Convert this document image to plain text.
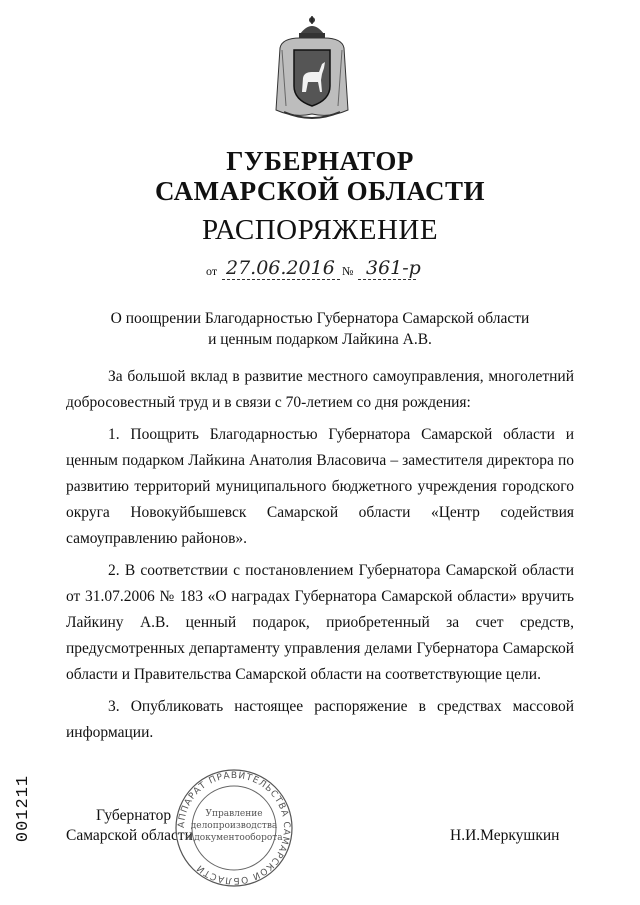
ГУБЕРНАТОР
САМАРСКОЙ ОБЛАСТИ
РАСПОРЯЖЕНИЕ
от 27.06.2016 № 361-р
О поощрении Благодарностью Губернатора Самарской области
и ценным подарком Лайкина А.В.

За большой вклад в развитие местного самоуправления, многолетний добросовестный труд и в связи с 70-летием со дня рождения:

1. Поощрить Благодарностью Губернатора Самарской области и ценным подарком Лайкина Анатолия Власовича – заместителя директора по развитию территорий муниципального бюджетного учреждения городского округа Новокуйбышевск Самарской области «Центр содействия самоуправлению районов».

2. В соответствии с постановлением Губернатора Самарской области от 31.07.2006 № 183 «О наградах Губернатора Самарской области» вручить Лайкину А.В. ценный подарок, приобретенный за счет средств, предусмотренных департаменту управления делами Губернатора Самарской области и Правительства Самарской области на соответствующие цели.

3. Опубликовать настоящее распоряжение в средствах массовой информации.

Губернатор
Самарской области	Н.И.Меркушкин
АППАРАТ ПРАВИТЕЛЬСТВА САМАРСКОЙ ОБЛАСТИ
Управление
делопроизводства
и документооборота
001211
